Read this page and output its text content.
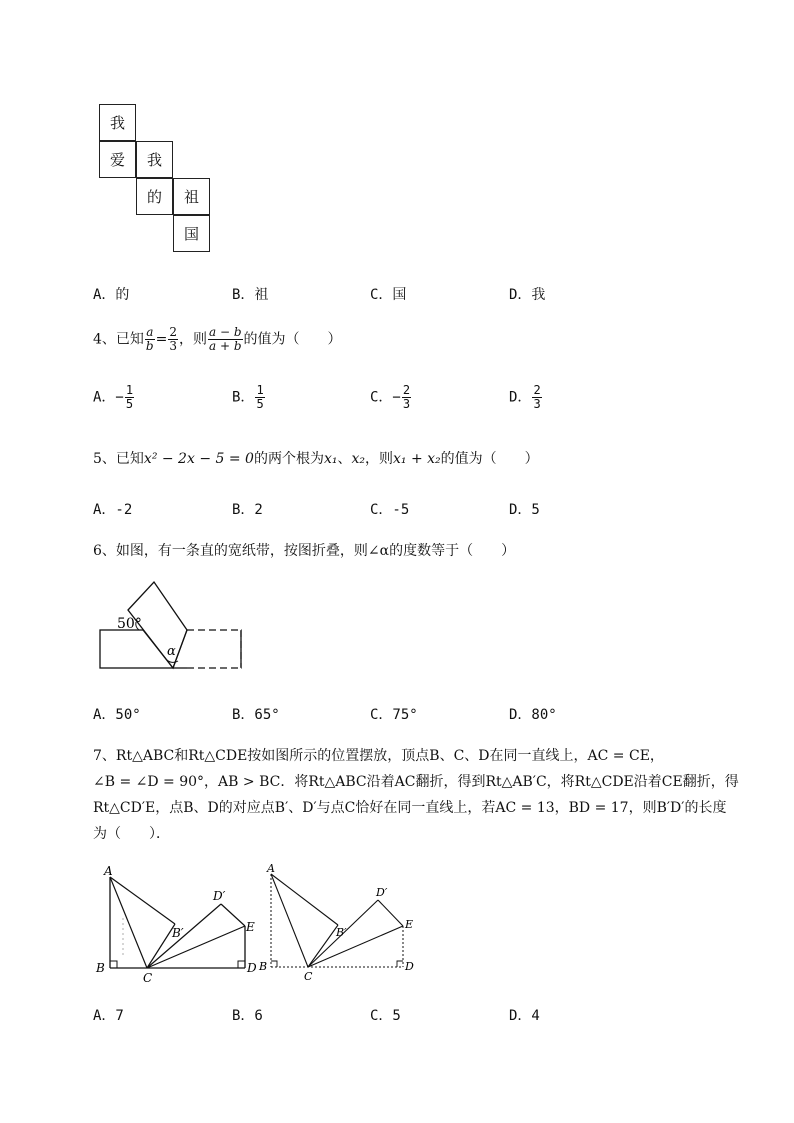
我
爱	我
的	祖
国
A．的	B．祖	C．国	D．我
4、已知 $\frac{a}{b} = \frac{2}{3}$ ，则 $\frac{a - b}{a + b}$ 的值为（　　）
A．− $\frac{1}{5}$	B． $\frac{1}{5}$	C．− $\frac{2}{3}$	D． $\frac{2}{3}$
5、已知x² − 2x − 5 = 0的两个根为x₁、x₂，则x₁ + x₂的值为（　　）
A．-2	B．2	C．-5	D．5
6、如图，有一条直的宽纸带，按图折叠，则∠α的度数等于（　　）
50°
α
A．50°	B．65°	C．75°	D．80°
7、Rt△ABC和Rt△CDE按如图所示的位置摆放，顶点B、C、D在同一直线上，AC = CE，
∠B = ∠D = 90°，AB > BC．将Rt△ABC沿着AC翻折，得到Rt△AB′C，将Rt△CDE沿着CE翻折，得
Rt△CD′E，点B、D的对应点B′、D′与点C恰好在同一直线上，若AC = 13，BD = 17，则B′D′的长度
为（　　）．
A
B′
D′
E
B
C
D
A
B′
D′
E
B
C
D
A．7	B．6	C．5	D．4
